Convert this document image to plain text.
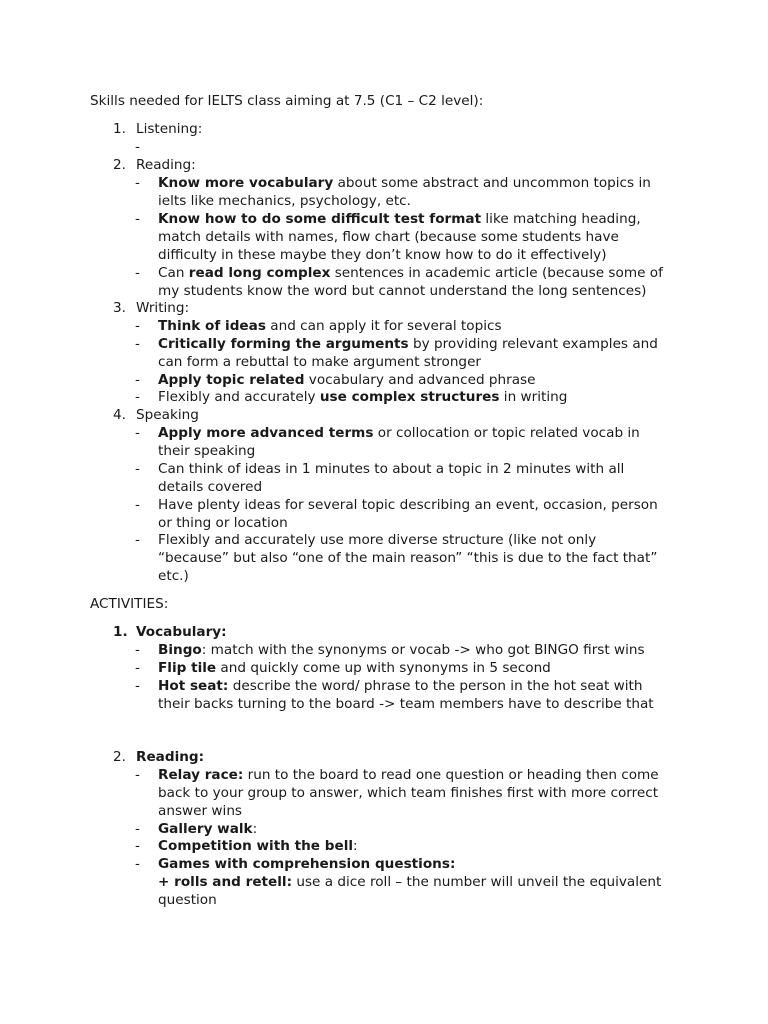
Skills needed for IELTS class aiming at 7.5 (C1 – C2 level):
1. Listening:
-
2. Reading:
- Know more vocabulary about some abstract and uncommon topics in
ielts like mechanics, psychology, etc.
- Know how to do some difficult test format like matching heading,
match details with names, flow chart (because some students have
difficulty in these maybe they don’t know how to do it effectively)
- Can read long complex sentences in academic article (because some of
my students know the word but cannot understand the long sentences)
3. Writing:
- Think of ideas and can apply it for several topics
- Critically forming the arguments by providing relevant examples and
can form a rebuttal to make argument stronger
- Apply topic related vocabulary and advanced phrase
- Flexibly and accurately use complex structures in writing
4. Speaking
- Apply more advanced terms or collocation or topic related vocab in
their speaking
- Can think of ideas in 1 minutes to about a topic in 2 minutes with all
details covered
- Have plenty ideas for several topic describing an event, occasion, person
or thing or location
- Flexibly and accurately use more diverse structure (like not only
“because” but also “one of the main reason” “this is due to the fact that”
etc.)
ACTIVITIES:
1. Vocabulary:
- Bingo: match with the synonyms or vocab -> who got BINGO first wins
- Flip tile and quickly come up with synonyms in 5 second
- Hot seat: describe the word/ phrase to the person in the hot seat with
their backs turning to the board -> team members have to describe that
2. Reading:
- Relay race: run to the board to read one question or heading then come
back to your group to answer, which team finishes first with more correct
answer wins
- Gallery walk:
- Competition with the bell:
- Games with comprehension questions:
+ rolls and retell: use a dice roll – the number will unveil the equivalent
question
